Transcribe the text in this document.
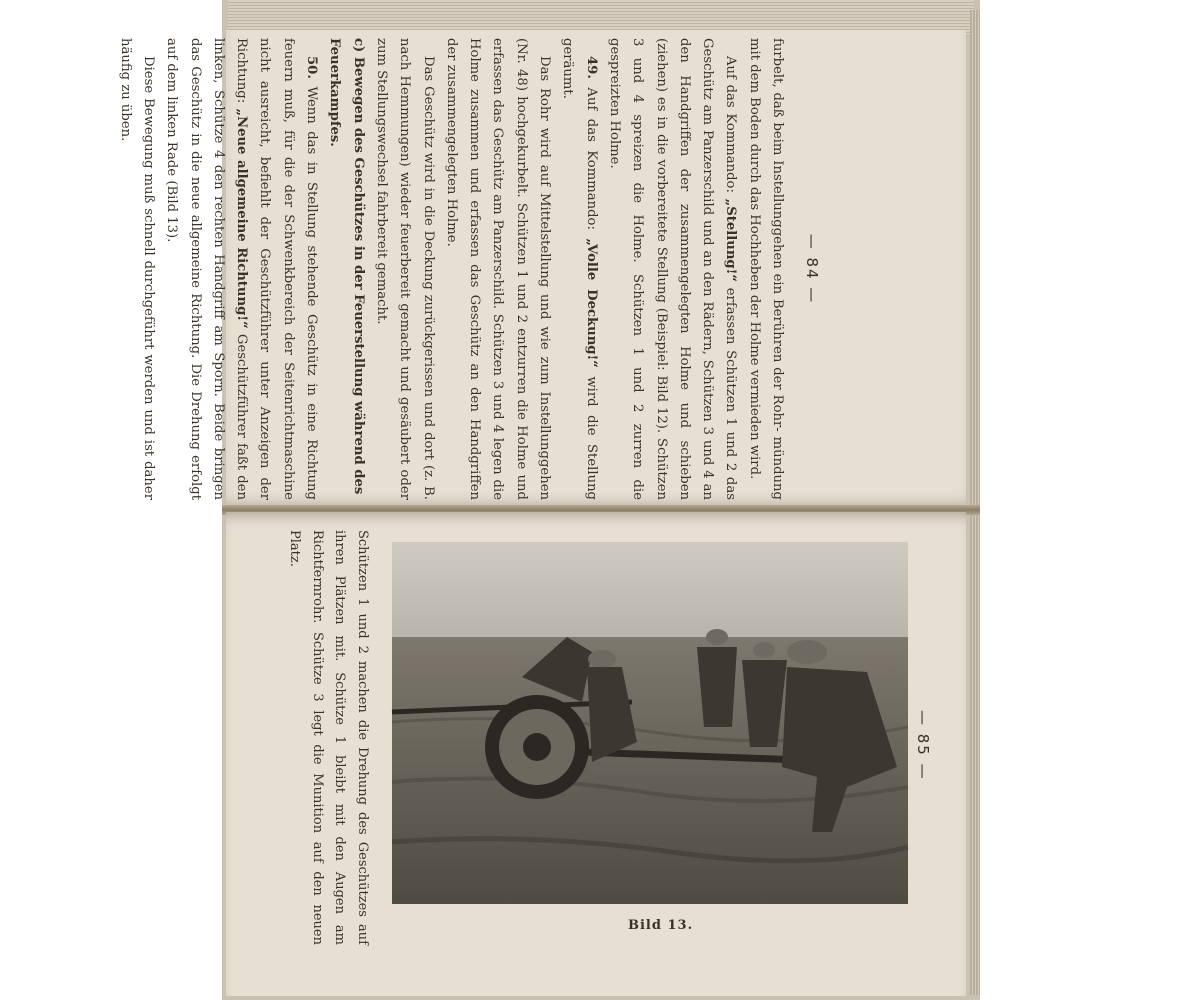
— 84 —

furbelt, daß beim Instellunggehen ein Berühren der Rohr- mündung mit dem Boden durch das Hochheben der Holme vermieden wird.

Auf das Kommando: „Stellung!“ erfassen Schützen 1 und 2 das Geschütz am Panzerschild und an den Rädern, Schützen 3 und 4 an den Handgriffen der zusammengelegten Holme und schieben (ziehen) es in die vorbereitete Stellung (Beispiel: Bild 12). Schützen 3 und 4 spreizen die Holme. Schützen 1 und 2 zurren die gespreizten Holme.

49. Auf das Kommando: „Volle Deckung!“ wird die Stellung geräumt.

Das Rohr wird auf Mittelstellung und wie zum Instellunggehen (Nr. 48) hochgekurbelt. Schützen 1 und 2 entzurren die Holme und erfassen das Geschütz am Panzerschild. Schützen 3 und 4 legen die Holme zusammen und erfassen das Geschütz an den Handgriffen der zusammengelegten Holme.

Das Geschütz wird in die Deckung zurückgerissen und dort (z. B. nach Hemmungen) wieder feuerbereit gemacht und gesäubert oder zum Stellungswechsel fahrbereit gemacht.

c) Bewegen des Geschützes in der Feuerstellung während des Feuerkampfes.

50. Wenn das in Stellung stehende Geschütz in eine Richtung feuern muß, für die der Schwenkbereich der Seitenrichtmaschine nicht ausreicht, befiehlt der Geschützführer unter Anzeigen der Richtung: „Neue allgemeine Richtung!“ Geschützführer faßt den linken, Schütze 4 den rechten Handgriff am Sporn. Beide bringen das Geschütz in die neue allgemeine Richtung. Die Drehung erfolgt auf dem linken Rade (Bild 13).

Diese Bewegung muß schnell durchgeführt werden und ist daher häufig zu üben.

— 85 —

Schützen 1 und 2 machen die Drehung des Geschützes auf ihren Plätzen mit. Schütze 1 bleibt mit den Augen am Richtfernrohr. Schütze 3 legt die Munition auf den neuen Platz.

Bild 13.
